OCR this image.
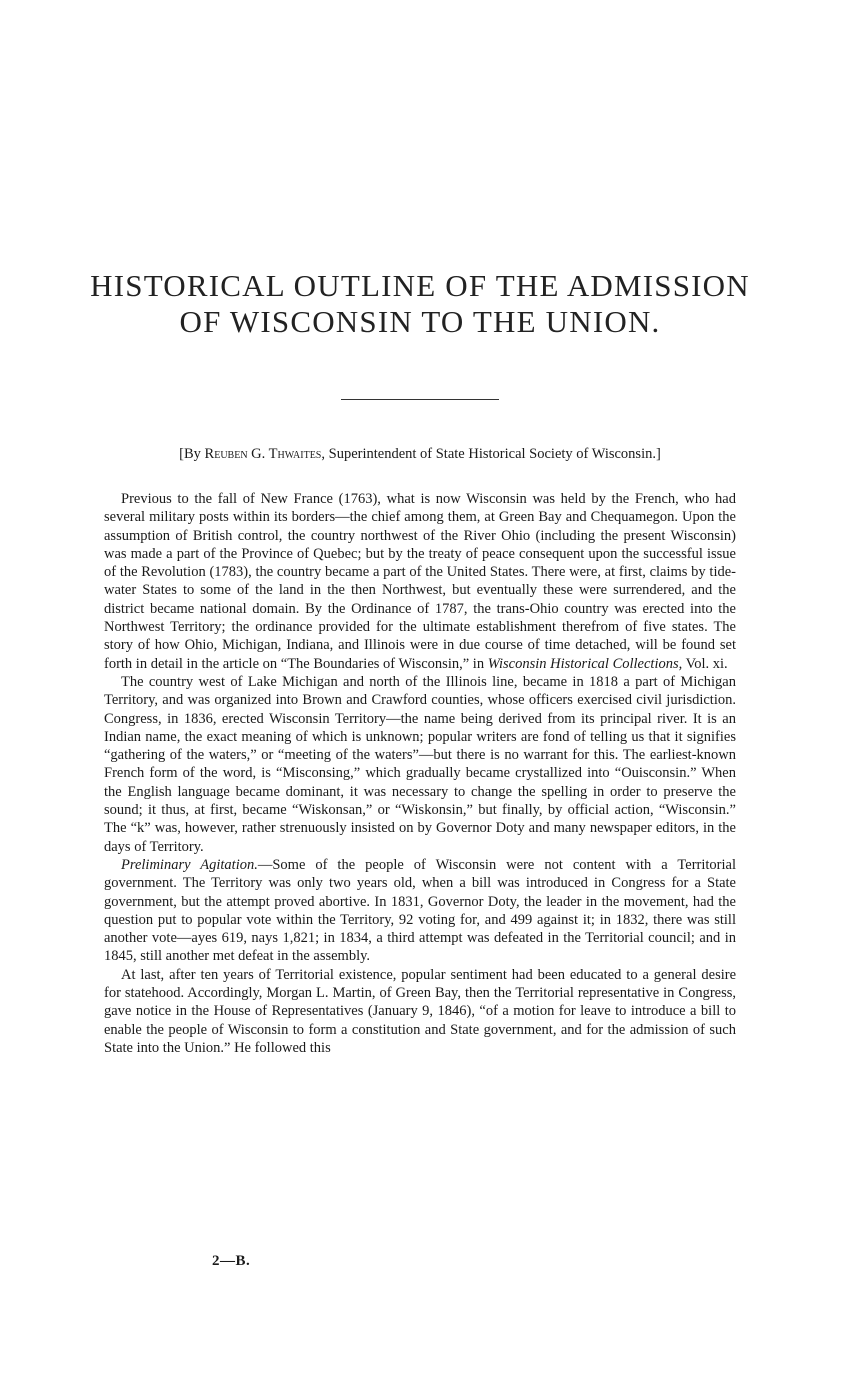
HISTORICAL OUTLINE OF THE ADMISSION
OF WISCONSIN TO THE UNION.

[By Reuben G. Thwaites, Superintendent of State Historical Society of Wisconsin.]

Previous to the fall of New France (1763), what is now Wisconsin was held by the French, who had several military posts within its borders—the chief among them, at Green Bay and Chequamegon. Upon the assumption of British control, the country northwest of the River Ohio (including the present Wisconsin) was made a part of the Province of Quebec; but by the treaty of peace consequent upon the successful issue of the Revolution (1783), the country became a part of the United States. There were, at first, claims by tide-water States to some of the land in the then Northwest, but eventually these were surrendered, and the district became national domain. By the Ordinance of 1787, the trans-Ohio country was erected into the Northwest Territory; the ordinance provided for the ultimate establishment therefrom of five states. The story of how Ohio, Michigan, Indiana, and Illinois were in due course of time detached, will be found set forth in detail in the article on “The Boundaries of Wisconsin,” in Wisconsin Historical Collections, Vol. xi.

The country west of Lake Michigan and north of the Illinois line, became in 1818 a part of Michigan Territory, and was organized into Brown and Crawford counties, whose officers exercised civil jurisdiction. Congress, in 1836, erected Wisconsin Territory—the name being derived from its principal river. It is an Indian name, the exact meaning of which is unknown; popular writers are fond of telling us that it signifies “gathering of the waters,” or “meeting of the waters”—but there is no warrant for this. The earliest-known French form of the word, is “Misconsing,” which gradually became crystallized into “Ouisconsin.” When the English language became dominant, it was necessary to change the spelling in order to preserve the sound; it thus, at first, became “Wiskonsan,” or “Wiskonsin,” but finally, by official action, “Wisconsin.” The “k” was, however, rather strenuously insisted on by Governor Doty and many newspaper editors, in the days of Territory.

Preliminary Agitation.—Some of the people of Wisconsin were not content with a Territorial government. The Territory was only two years old, when a bill was introduced in Congress for a State government, but the attempt proved abortive. In 1831, Governor Doty, the leader in the movement, had the question put to popular vote within the Territory, 92 voting for, and 499 against it; in 1832, there was still another vote—ayes 619, nays 1,821; in 1834, a third attempt was defeated in the Territorial council; and in 1845, still another met defeat in the assembly.

At last, after ten years of Territorial existence, popular sentiment had been educated to a general desire for statehood. Accordingly, Morgan L. Martin, of Green Bay, then the Territorial representative in Congress, gave notice in the House of Representatives (January 9, 1846), “of a motion for leave to introduce a bill to enable the people of Wisconsin to form a constitution and State government, and for the admission of such State into the Union.” He followed this

2—B.
